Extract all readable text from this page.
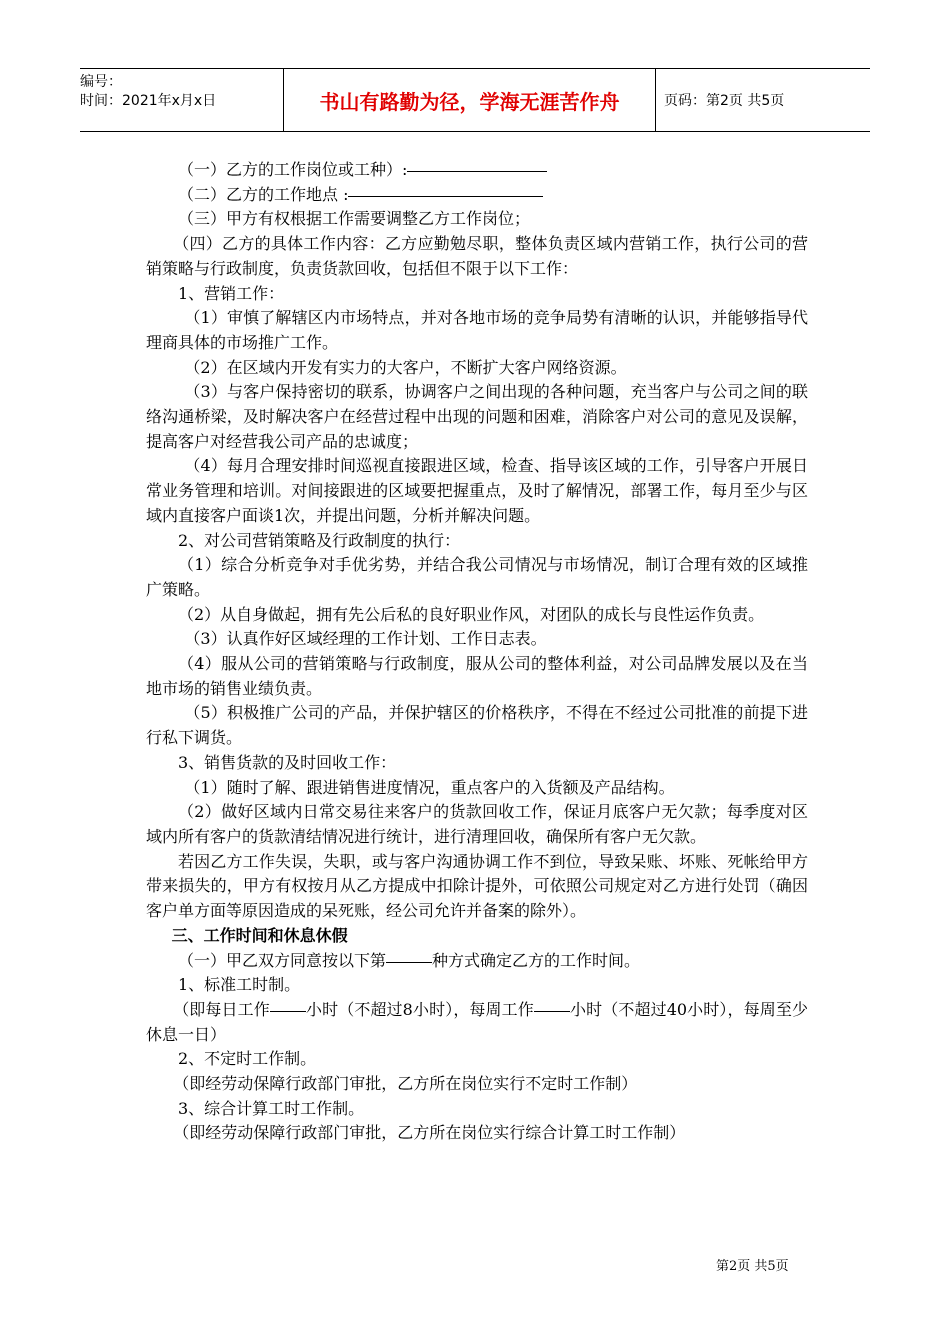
编号：
时间：2021年x月x日	书山有路勤为径，学海无涯苦作舟	页码：第2页 共5页

（一）乙方的工作岗位或工种）:

（二）乙方的工作地点 :

（三）甲方有权根据工作需要调整乙方工作岗位；

（四）乙方的具体工作内容：乙方应勤勉尽职，整体负责区域内营销工作，执行公司的营销策略与行政制度，负责货款回收，包括但不限于以下工作：

1、营销工作：

（1）审慎了解辖区内市场特点，并对各地市场的竞争局势有清晰的认识，并能够指导代理商具体的市场推广工作。

（2）在区域内开发有实力的大客户，不断扩大客户网络资源。

（3）与客户保持密切的联系，协调客户之间出现的各种问题，充当客户与公司之间的联络沟通桥梁，及时解决客户在经营过程中出现的问题和困难，消除客户对公司的意见及误解，提高客户对经营我公司产品的忠诚度；

（4）每月合理安排时间巡视直接跟进区域，检查、指导该区域的工作，引导客户开展日常业务管理和培训。对间接跟进的区域要把握重点，及时了解情况，部署工作，每月至少与区域内直接客户面谈1次，并提出问题，分析并解决问题。

2、对公司营销策略及行政制度的执行：

（1）综合分析竞争对手优劣势，并结合我公司情况与市场情况，制订合理有效的区域推广策略。

（2）从自身做起，拥有先公后私的良好职业作风，对团队的成长与良性运作负责。

（3）认真作好区域经理的工作计划、工作日志表。

（4）服从公司的营销策略与行政制度，服从公司的整体利益，对公司品牌发展以及在当地市场的销售业绩负责。

（5）积极推广公司的产品，并保护辖区的价格秩序，不得在不经过公司批准的前提下进行私下调货。

3、销售货款的及时回收工作：

（1）随时了解、跟进销售进度情况，重点客户的入货额及产品结构。

（2）做好区域内日常交易往来客户的货款回收工作，保证月底客户无欠款；每季度对区域内所有客户的货款清结情况进行统计，进行清理回收，确保所有客户无欠款。

若因乙方工作失误，失职，或与客户沟通协调工作不到位，导致呆账、坏账、死帐给甲方带来损失的，甲方有权按月从乙方提成中扣除计提外，可依照公司规定对乙方进行处罚（确因客户单方面等原因造成的呆死账，经公司允许并备案的除外）。

三、工作时间和休息休假

（一）甲乙双方同意按以下第	种方式确定乙方的工作时间。

1、标准工时制。

（即每日工作 小时（不超过8小时），每周工作 小时（不超过40小时），每周至少休息一日）

2、不定时工作制。

（即经劳动保障行政部门审批，乙方所在岗位实行不定时工作制）

3、综合计算工时工作制。

（即经劳动保障行政部门审批，乙方所在岗位实行综合计算工时工作制）

第2页 共5页
